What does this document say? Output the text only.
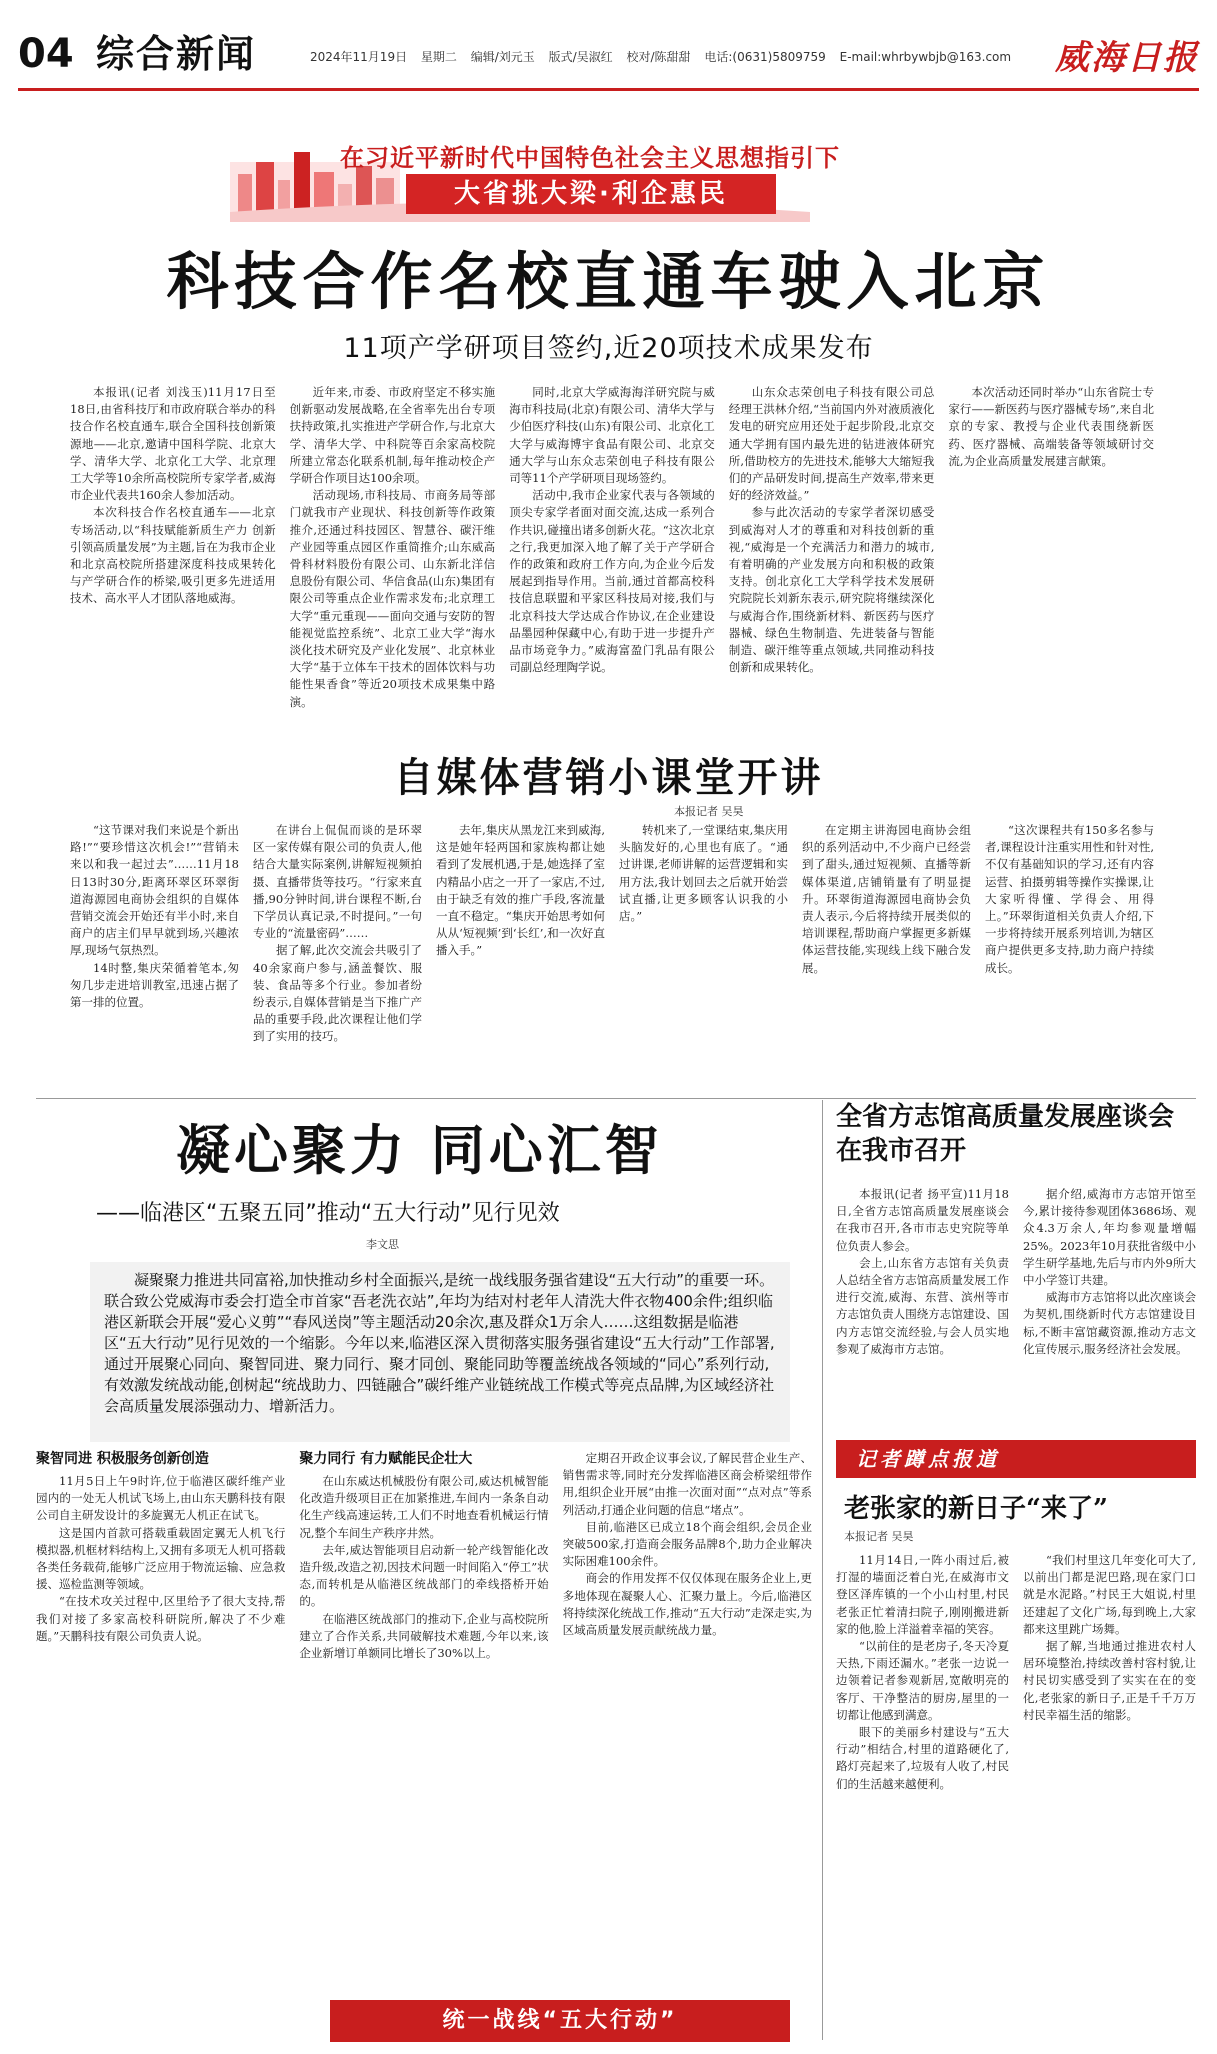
04 综合新闻	2024年11月19日 星期二 编辑/刘元玉 版式/吴淑红 校对/陈甜甜 电话:(0631)5809759 E-mail:whrbywbjb@163.com 威海日报
在习近平新时代中国特色社会主义思想指引下
大省挑大梁·利企惠民
科技合作名校直通车驶入北京
11项产学研项目签约,近20项技术成果发布

本报讯(记者 刘浅玉)11月17日至18日,由省科技厅和市政府联合举办的科技合作名校直通车,联合全国科技创新策源地——北京,邀请中国科学院、北京大学、清华大学、北京化工大学、北京理工大学等10余所高校院所专家学者,威海市企业代表共160余人参加活动。

本次科技合作名校直通车——北京专场活动,以“科技赋能新质生产力 创新引领高质量发展”为主题,旨在为我市企业和北京高校院所搭建深度科技成果转化与产学研合作的桥梁,吸引更多先进适用技术、高水平人才团队落地威海。

近年来,市委、市政府坚定不移实施创新驱动发展战略,在全省率先出台专项扶持政策,扎实推进产学研合作,与北京大学、清华大学、中科院等百余家高校院所建立常态化联系机制,每年推动校企产学研合作项目达100余项。

活动现场,市科技局、市商务局等部门就我市产业现状、科技创新等作政策推介,还通过科技园区、智慧谷、碳汗维产业园等重点园区作重简推介;山东威高骨科材料股份有限公司、山东新北洋信息股份有限公司、华信食品(山东)集团有限公司等重点企业作需求发布;北京理工大学“重元重现——面向交通与安防的智能视觉监控系统”、北京工业大学“海水淡化技术研究及产业化发展”、北京林业大学“基于立体车干技术的固体饮料与功能性果香食”等近20项技术成果集中路演。

同时,北京大学威海海洋研究院与威海市科技局(北京)有限公司、清华大学与少伯医疗科技(山东)有限公司、北京化工大学与威海博宇食品有限公司、北京交通大学与山东众志荣创电子科技有限公司等11个产学研项目现场签约。

活动中,我市企业家代表与各领域的顶尖专家学者面对面交流,达成一系列合作共识,碰撞出诸多创新火花。“这次北京之行,我更加深入地了解了关于产学研合作的政策和政府工作方向,为企业今后发展起到指导作用。当前,通过首都高校科技信息联盟和平家区科技局对接,我们与北京科技大学达成合作协议,在企业建设品墨园种保藏中心,有助于进一步提升产品市场竞争力。”威海富盈门乳品有限公司副总经理陶学说。

山东众志荣创电子科技有限公司总经理王洪林介绍,“当前国内外对液质液化发电的研究应用还处于起步阶段,北京交通大学拥有国内最先进的钻进液体研究所,借助校方的先进技术,能够大大缩短我们的产品研发时间,提高生产效率,带来更好的经济效益。”

参与此次活动的专家学者深切感受到威海对人才的尊重和对科技创新的重视,“威海是一个充满活力和潜力的城市,有着明确的产业发展方向和积极的政策支持。创北京化工大学科学技术发展研究院院长刘新东表示,研究院将继续深化与威海合作,围绕新材料、新医药与医疗器械、绿色生物制造、先进装备与智能制造、碳汗维等重点领域,共同推动科技创新和成果转化。

本次活动还同时举办“山东省院士专家行——新医药与医疗器械专场”,来自北京的专家、教授与企业代表围绕新医药、医疗器械、高端装备等领域研讨交流,为企业高质量发展建言献策。

自媒体营销小课堂开讲
本报记者 吴昊

“这节课对我们来说是个新出路!”“要珍惜这次机会!”“营销未来以和我一起过去”……11月18日13时30分,距离环翠区环翠街道海源园电商协会组织的自媒体营销交流会开始还有半小时,来自商户的店主们早早就到场,兴趣浓厚,现场气氛热烈。

14时整,集庆荣循着笔本,匆匆几步走进培训教室,迅速占据了第一排的位置。

在讲台上侃侃而谈的是环翠区一家传媒有限公司的负责人,他结合大量实际案例,讲解短视频拍摄、直播带货等技巧。“行家来直播,90分钟时间,讲台课程不断,台下学员认真记录,不时提问。”一句专业的“流量密码”……

据了解,此次交流会共吸引了40余家商户参与,涵盖餐饮、服装、食品等多个行业。参加者纷纷表示,自媒体营销是当下推广产品的重要手段,此次课程让他们学到了实用的技巧。

去年,集庆从黑龙江来到威海,这是她年轻两国和家族构都让她看到了发展机遇,于是,她选择了室内精品小店之一开了一家店,不过,由于缺乏有效的推广手段,客流量一直不稳定。“集庆开始思考如何从从‘短视频’到‘长红’,和一次好直播入手。”

转机来了,一堂课结束,集庆用头脑发好的,心里也有底了。“通过讲课,老师讲解的运营逻辑和实用方法,我计划回去之后就开始尝试直播,让更多顾客认识我的小店。”

在定期主讲海园电商协会组织的系列活动中,不少商户已经尝到了甜头,通过短视频、直播等新媒体渠道,店铺销量有了明显提升。环翠街道海源园电商协会负责人表示,今后将持续开展类似的培训课程,帮助商户掌握更多新媒体运营技能,实现线上线下融合发展。

“这次课程共有150多名参与者,课程设计注重实用性和针对性,不仅有基础知识的学习,还有内容运营、拍摄剪辑等操作实操课,让大家听得懂、学得会、用得上。”环翠街道相关负责人介绍,下一步将持续开展系列培训,为辖区商户提供更多支持,助力商户持续成长。

凝心聚力 同心汇智
——临港区“五聚五同”推动“五大行动”见行见效
李文思
凝聚聚力推进共同富裕,加快推动乡村全面振兴,是统一战线服务强省建设“五大行动”的重要一环。联合致公党威海市委会打造全市首家“吾老洗衣站”,年均为结对村老年人清洗大件衣物400余件;组织临港区新联会开展“爱心义剪”“春风送岗”等主题活动20余次,惠及群众1万余人……这组数据是临港区“五大行动”见行见效的一个缩影。今年以来,临港区深入贯彻落实服务强省建设“五大行动”工作部署,通过开展聚心同向、聚智同进、聚力同行、聚才同创、聚能同助等覆盖统战各领域的“同心”系列行动,有效激发统战动能,创树起“统战助力、四链融合”碳纤维产业链统战工作模式等亮点品牌,为区域经济社会高质量发展添强动力、增新活力。
聚智同进 积极服务创新创造

11月5日上午9时许,位于临港区碳纤维产业园内的一处无人机试飞场上,由山东天鹏科技有限公司自主研发设计的多旋翼无人机正在试飞。

这是国内首款可搭载重载固定翼无人机飞行模拟器,机框材料结构上,又拥有多项无人机可搭载各类任务载荷,能够广泛应用于物流运输、应急救援、巡检监测等领域。

“在技术攻关过程中,区里给予了很大支持,帮我们对接了多家高校科研院所,解决了不少难题。”天鹏科技有限公司负责人说。

聚力同行 有力赋能民企壮大

在山东威达机械股份有限公司,威达机械智能化改造升级项目正在加紧推进,车间内一条条自动化生产线高速运转,工人们不时地查看机械运行情况,整个车间生产秩序井然。

去年,威达智能项目启动新一轮产线智能化改造升级,改造之初,因技术问题一时间陷入“停工”状态,而转机是从临港区统战部门的牵线搭桥开始的。

在临港区统战部门的推动下,企业与高校院所建立了合作关系,共同破解技术难题,今年以来,该企业新增订单额同比增长了30%以上。

定期召开政企议事会议,了解民营企业生产、销售需求等,同时充分发挥临港区商会桥梁纽带作用,组织企业开展“由推一次面对面”“点对点”等系列活动,打通企业问题的信息“堵点”。

目前,临港区已成立18个商会组织,会员企业突破500家,打造商会服务品牌8个,助力企业解决实际困难100余件。

商会的作用发挥不仅仅体现在服务企业上,更多地体现在凝聚人心、汇聚力量上。今后,临港区将持续深化统战工作,推动“五大行动”走深走实,为区域高质量发展贡献统战力量。

统一战线“五大行动”
全省方志馆高质量发展座谈会在我市召开

本报讯(记者 扬平宣)11月18日,全省方志馆高质量发展座谈会在我市召开,各市市志史究院等单位负责人参会。

会上,山东省方志馆有关负责人总结全省方志馆高质量发展工作进行交流,威海、东营、滨州等市方志馆负责人围绕方志馆建设、国内方志馆交流经验,与会人员实地参观了威海市方志馆。

据介绍,威海市方志馆开馆至今,累计接待参观团体3686场、观众4.3万余人,年均参观量增幅25%。2023年10月获批省级中小学生研学基地,先后与市内外9所大中小学签订共建。

威海市方志馆将以此次座谈会为契机,围绕新时代方志馆建设目标,不断丰富馆藏资源,推动方志文化宣传展示,服务经济社会发展。

记者蹲点报道
老张家的新日子“来了”
本报记者 吴昊

11月14日,一阵小雨过后,被打湿的墙面泛着白光,在威海市文登区泽库镇的一个小山村里,村民老张正忙着清扫院子,刚刚搬进新家的他,脸上洋溢着幸福的笑容。

“以前住的是老房子,冬天冷夏天热,下雨还漏水。”老张一边说一边领着记者参观新居,宽敞明亮的客厅、干净整洁的厨房,屋里的一切都让他感到满意。

眼下的美丽乡村建设与“五大行动”相结合,村里的道路硬化了,路灯亮起来了,垃圾有人收了,村民们的生活越来越便利。

“我们村里这几年变化可大了,以前出门都是泥巴路,现在家门口就是水泥路。”村民王大姐说,村里还建起了文化广场,每到晚上,大家都来这里跳广场舞。

据了解,当地通过推进农村人居环境整治,持续改善村容村貌,让村民切实感受到了实实在在的变化,老张家的新日子,正是千千万万村民幸福生活的缩影。
